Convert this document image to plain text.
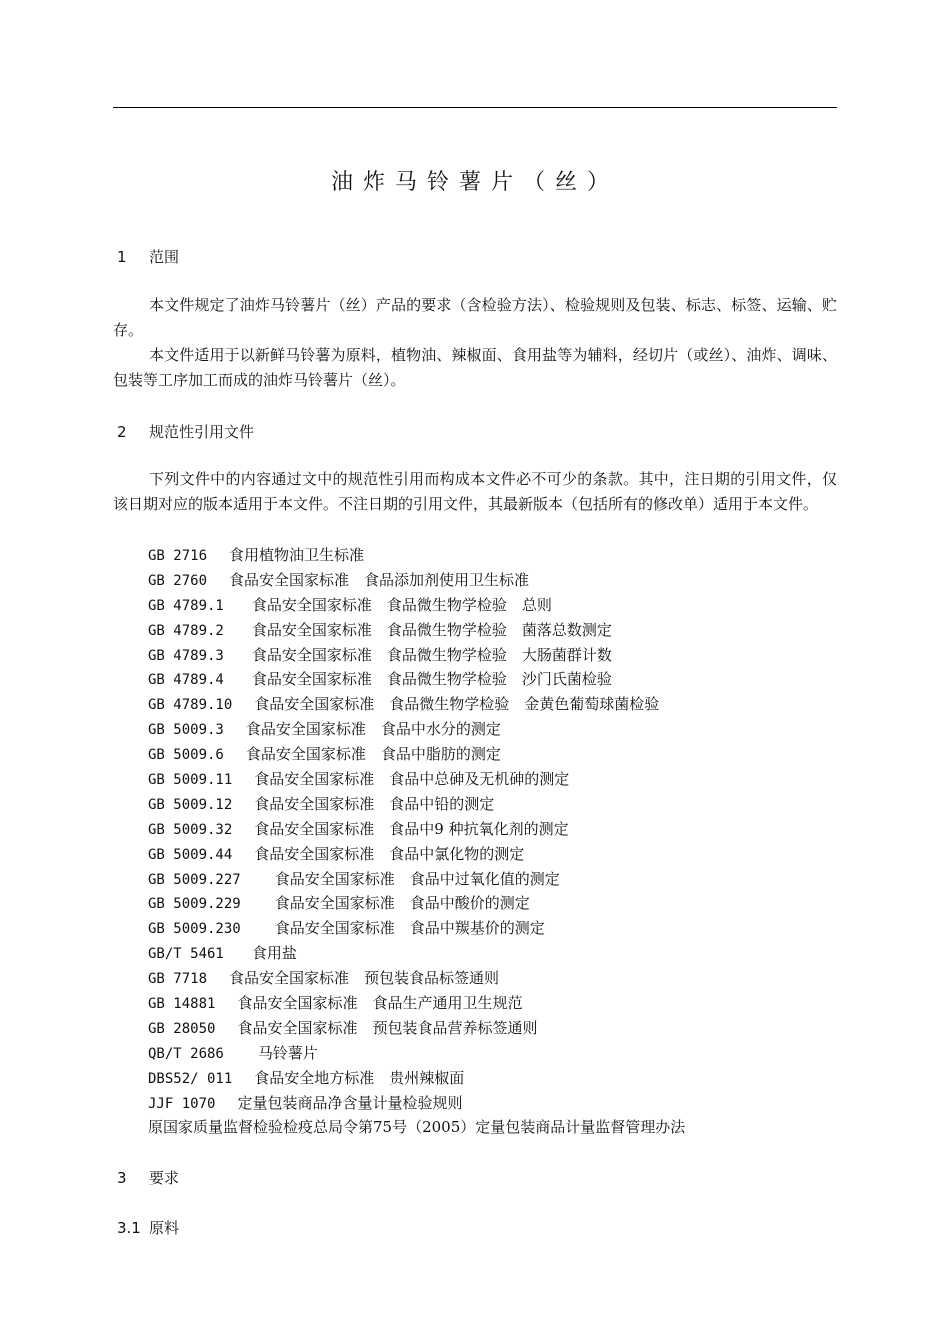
油炸马铃薯片（丝）
1 范围

本文件规定了油炸马铃薯片（丝）产品的要求（含检验方法）、检验规则及包装、标志、标签、运输、贮存。

本文件适用于以新鲜马铃薯为原料，植物油、辣椒面、食用盐等为辅料，经切片（或丝）、油炸、调味、包装等工序加工而成的油炸马铃薯片（丝）。

2 规范性引用文件

下列文件中的内容通过文中的规范性引用而构成本文件必不可少的条款。其中，注日期的引用文件，仅该日期对应的版本适用于本文件。不注日期的引用文件，其最新版本（包括所有的修改单）适用于本文件。

GB 2716 食用植物油卫生标准
GB 2760 食品安全国家标准　食品添加剂使用卫生标准
GB 4789.1 食品安全国家标准　食品微生物学检验　总则
GB 4789.2 食品安全国家标准　食品微生物学检验　菌落总数测定
GB 4789.3 食品安全国家标准　食品微生物学检验　大肠菌群计数
GB 4789.4 食品安全国家标准　食品微生物学检验　沙门氏菌检验
GB 4789.10 食品安全国家标准　食品微生物学检验　金黄色葡萄球菌检验
GB 5009.3 食品安全国家标准　食品中水分的测定
GB 5009.6 食品安全国家标准　食品中脂肪的测定
GB 5009.11 食品安全国家标准　食品中总砷及无机砷的测定
GB 5009.12 食品安全国家标准　食品中铅的测定
GB 5009.32 食品安全国家标准　食品中9 种抗氧化剂的测定
GB 5009.44 食品安全国家标准　食品中氯化物的测定
GB 5009.227 食品安全国家标准　食品中过氧化值的测定
GB 5009.229 食品安全国家标准　食品中酸价的测定
GB 5009.230 食品安全国家标准　食品中羰基价的测定
GB/T 5461 食用盐
GB 7718 食品安全国家标准　预包装食品标签通则
GB 14881 食品安全国家标准　食品生产通用卫生规范
GB 28050 食品安全国家标准　预包装食品营养标签通则
QB/T 2686 马铃薯片
DBS52/ 011 食品安全地方标准　贵州辣椒面
JJF 1070 定量包装商品净含量计量检验规则
原国家质量监督检验检疫总局令第75号（2005）定量包装商品计量监督管理办法
3 要求
3.1 原料
